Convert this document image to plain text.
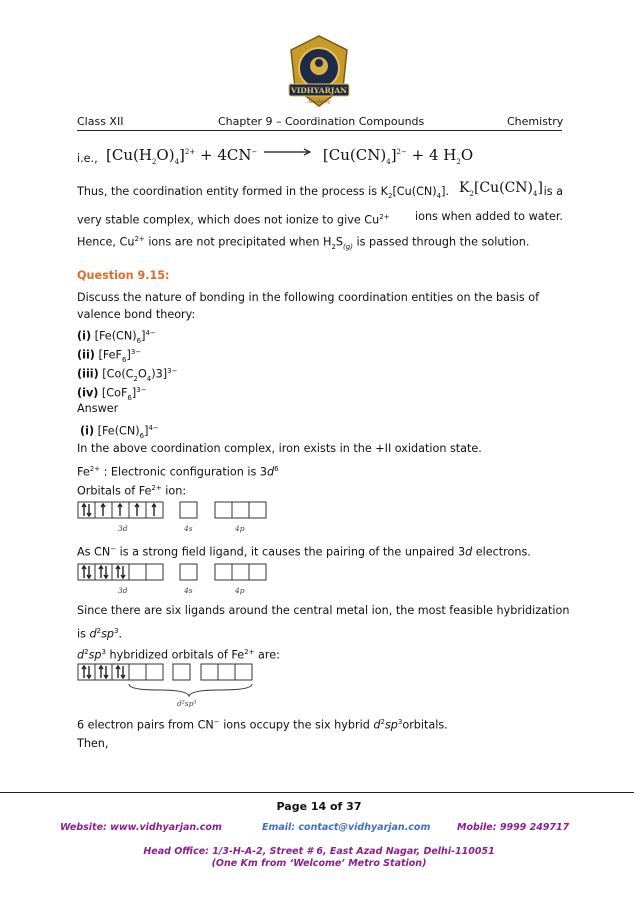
VIDHYARJAN
Academy
Class XII	Chapter 9 – Coordination Compounds	Chemistry
i.e., $[Cu(H_2O)_4]^{2+} + 4CN^- \to [Cu(CN)_4]^{2-} + 4$ $H_2O$
Thus, the coordination entity formed in the process is $K_2[Cu(CN)_4]$. $K_2[Cu(CN)_4]$ is a
very stable complex, which does not ionize to give $Cu^{2+}$ ions when added to water.
Hence, $Cu^{2+}$ ions are not precipitated when $H_2S_{(g)}$ is passed through the solution.
Question 9.15:
Discuss the nature of bonding in the following coordination entities on the basis of
valence bond theory:
(i) $[Fe(CN)_6]^{4-}$
(ii) $[FeF_6]^{3-}$
(iii) $[Co(C_2O_4)3]^{3-}$
(iv) $[CoF_6]^{3-}$
Answer
(i) $[Fe(CN)_6]^{4-}$
In the above coordination complex, iron exists in the +II oxidation state.
$Fe^{2+}$ : Electronic configuration is $3d^6$
Orbitals of $Fe^{2+}$ ion:
3d	4s	4p
As CN− is a strong field ligand, it causes the pairing of the unpaired 3d electrons.
3d	4s	4p
Since there are six ligands around the central metal ion, the most feasible hybridization
is $d^2sp^3$.
$d^2sp^3$ hybridized orbitals of $Fe^{2+}$ are:
d²sp³
6 electron pairs from CN− ions occupy the six hybrid $d^2sp^3orbitals$.
Then,
Page 14 of 37
Website: www.vidhyarjan.com	Email: contact@vidhyarjan.com	Mobile: 9999 249717
Head Office: 1/3-H-A-2, Street # 6, East Azad Nagar, Delhi-110051
(One Km from ‘Welcome’ Metro Station)
